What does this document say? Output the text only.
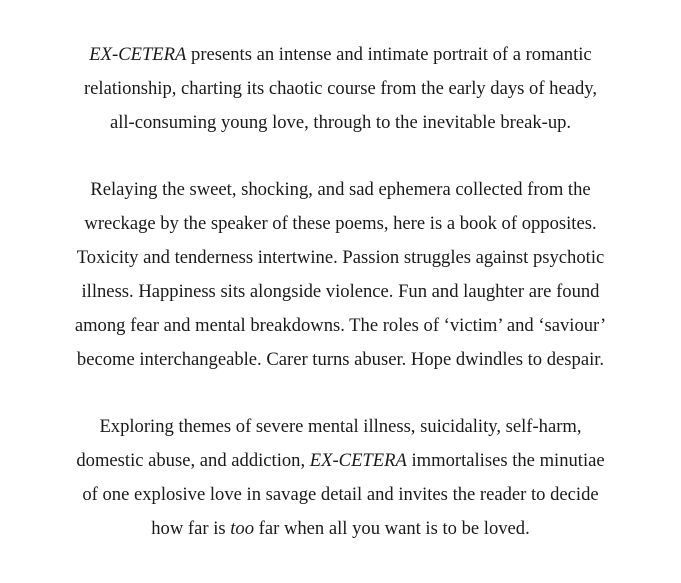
EX-CETERA presents an intense and intimate portrait of a romantic
relationship, charting its chaotic course from the early days of heady,
all-consuming young love, through to the inevitable break-up.
Relaying the sweet, shocking, and sad ephemera collected from the
wreckage by the speaker of these poems, here is a book of opposites.
Toxicity and tenderness intertwine. Passion struggles against psychotic
illness. Happiness sits alongside violence. Fun and laughter are found
among fear and mental breakdowns. The roles of ‘victim’ and ‘saviour’
become interchangeable. Carer turns abuser. Hope dwindles to despair.
Exploring themes of severe mental illness, suicidality, self-harm,
domestic abuse, and addiction, EX-CETERA immortalises the minutiae
of one explosive love in savage detail and invites the reader to decide
how far is too far when all you want is to be loved.
